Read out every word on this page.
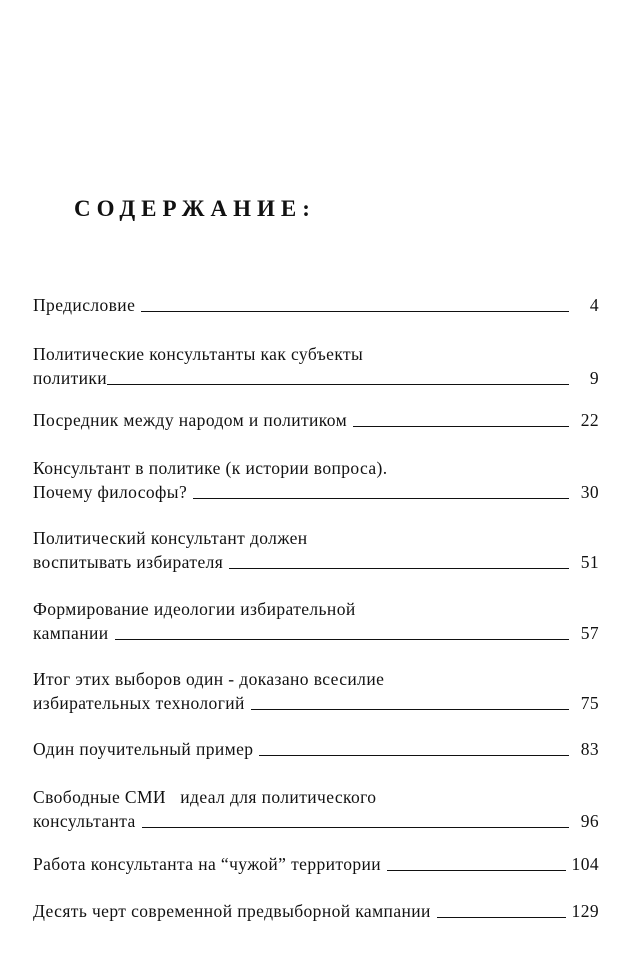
СОДЕРЖАНИЕ:
Предисловие	4
Политические консультанты как субъекты
политики	9
Посредник между народом и политиком	22
Консультант в политике (к истории вопроса).
Почему философы?	30
Политический консультант должен
воспитывать избирателя	51
Формирование идеологии избирательной
кампании	57
Итог этих выборов один - доказано всесилие
избирательных технологий	75
Один поучительный пример	83
Свободные СМИ   идеал для политического
консультанта	96
Работа консультанта на “чужой” территории	104
Десять черт современной предвыборной кампании	129
